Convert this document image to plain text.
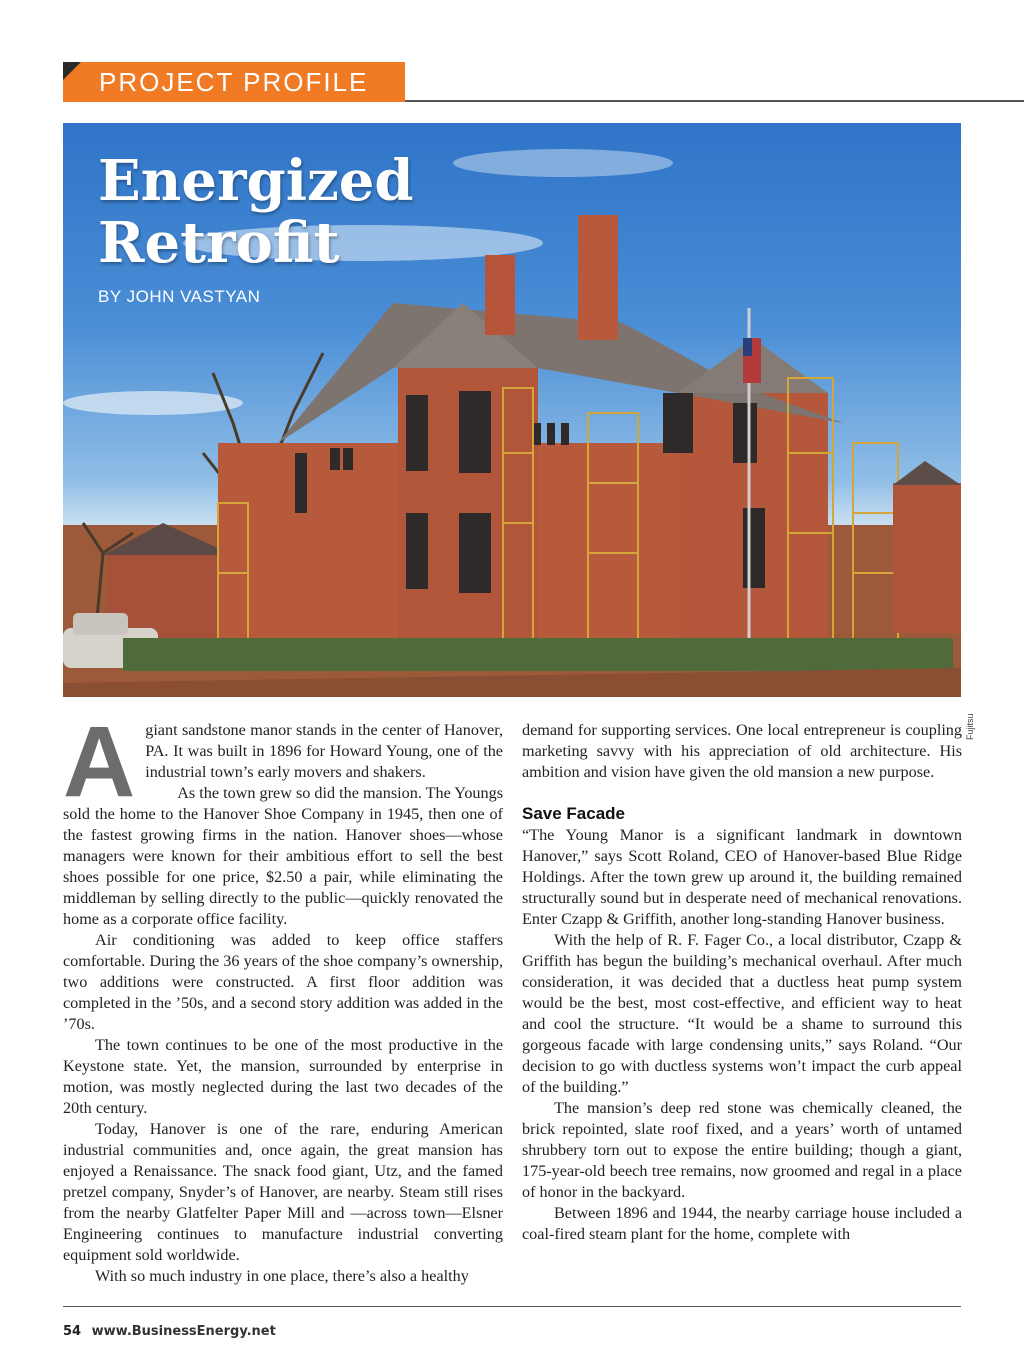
PROJECT PROFILE
Energized Retrofit
BY JOHN VASTYAN
Fujitsu

Agiant sandstone manor stands in the center of Hanover, PA. It was built in 1896 for Howard Young, one of the industrial town’s early movers and shakers.

As the town grew so did the mansion. The Youngs sold the home to the Hanover Shoe Company in 1945, then one of the fastest growing firms in the nation. Hanover shoes—whose managers were known for their ambitious effort to sell the best shoes possible for one price, $2.50 a pair, while eliminating the middleman by selling directly to the public—quickly renovated the home as a corporate office facility.

Air conditioning was added to keep office staffers comfortable. During the 36 years of the shoe company’s ownership, two additions were constructed. A first floor addition was completed in the ’50s, and a second story addition was added in the ’70s.

The town continues to be one of the most productive in the Keystone state. Yet, the mansion, surrounded by enterprise in motion, was mostly neglected during the last two decades of the 20th century.

Today, Hanover is one of the rare, enduring American industrial communities and, once again, the great mansion has enjoyed a Renaissance. The snack food giant, Utz, and the famed pretzel company, Snyder’s of Hanover, are nearby. Steam still rises from the nearby Glatfelter Paper Mill and —across town—Elsner Engineering continues to manufacture industrial converting equipment sold worldwide.

With so much industry in one place, there’s also a healthy

demand for supporting services. One local entrepreneur is coupling marketing savvy with his appreciation of old architecture. His ambition and vision have given the old mansion a new purpose.

Save Facade

“The Young Manor is a significant landmark in downtown Hanover,” says Scott Roland, CEO of Hanover-based Blue Ridge Holdings. After the town grew up around it, the building remained structurally sound but in desperate need of mechanical renovations. Enter Czapp & Griffith, another long-standing Hanover business.

With the help of R. F. Fager Co., a local distributor, Czapp & Griffith has begun the building’s mechanical overhaul. After much consideration, it was decided that a ductless heat pump system would be the best, most cost-effective, and efficient way to heat and cool the structure. “It would be a shame to surround this gorgeous facade with large condensing units,” says Roland. “Our decision to go with ductless systems won’t impact the curb appeal of the building.”

The mansion’s deep red stone was chemically cleaned, the brick repointed, slate roof fixed, and a years’ worth of untamed shrubbery torn out to expose the entire building; though a giant, 175-year-old beech tree remains, now groomed and regal in a place of honor in the backyard.

Between 1896 and 1944, the nearby carriage house included a coal-fired steam plant for the home, complete with

54 www.BusinessEnergy.net
